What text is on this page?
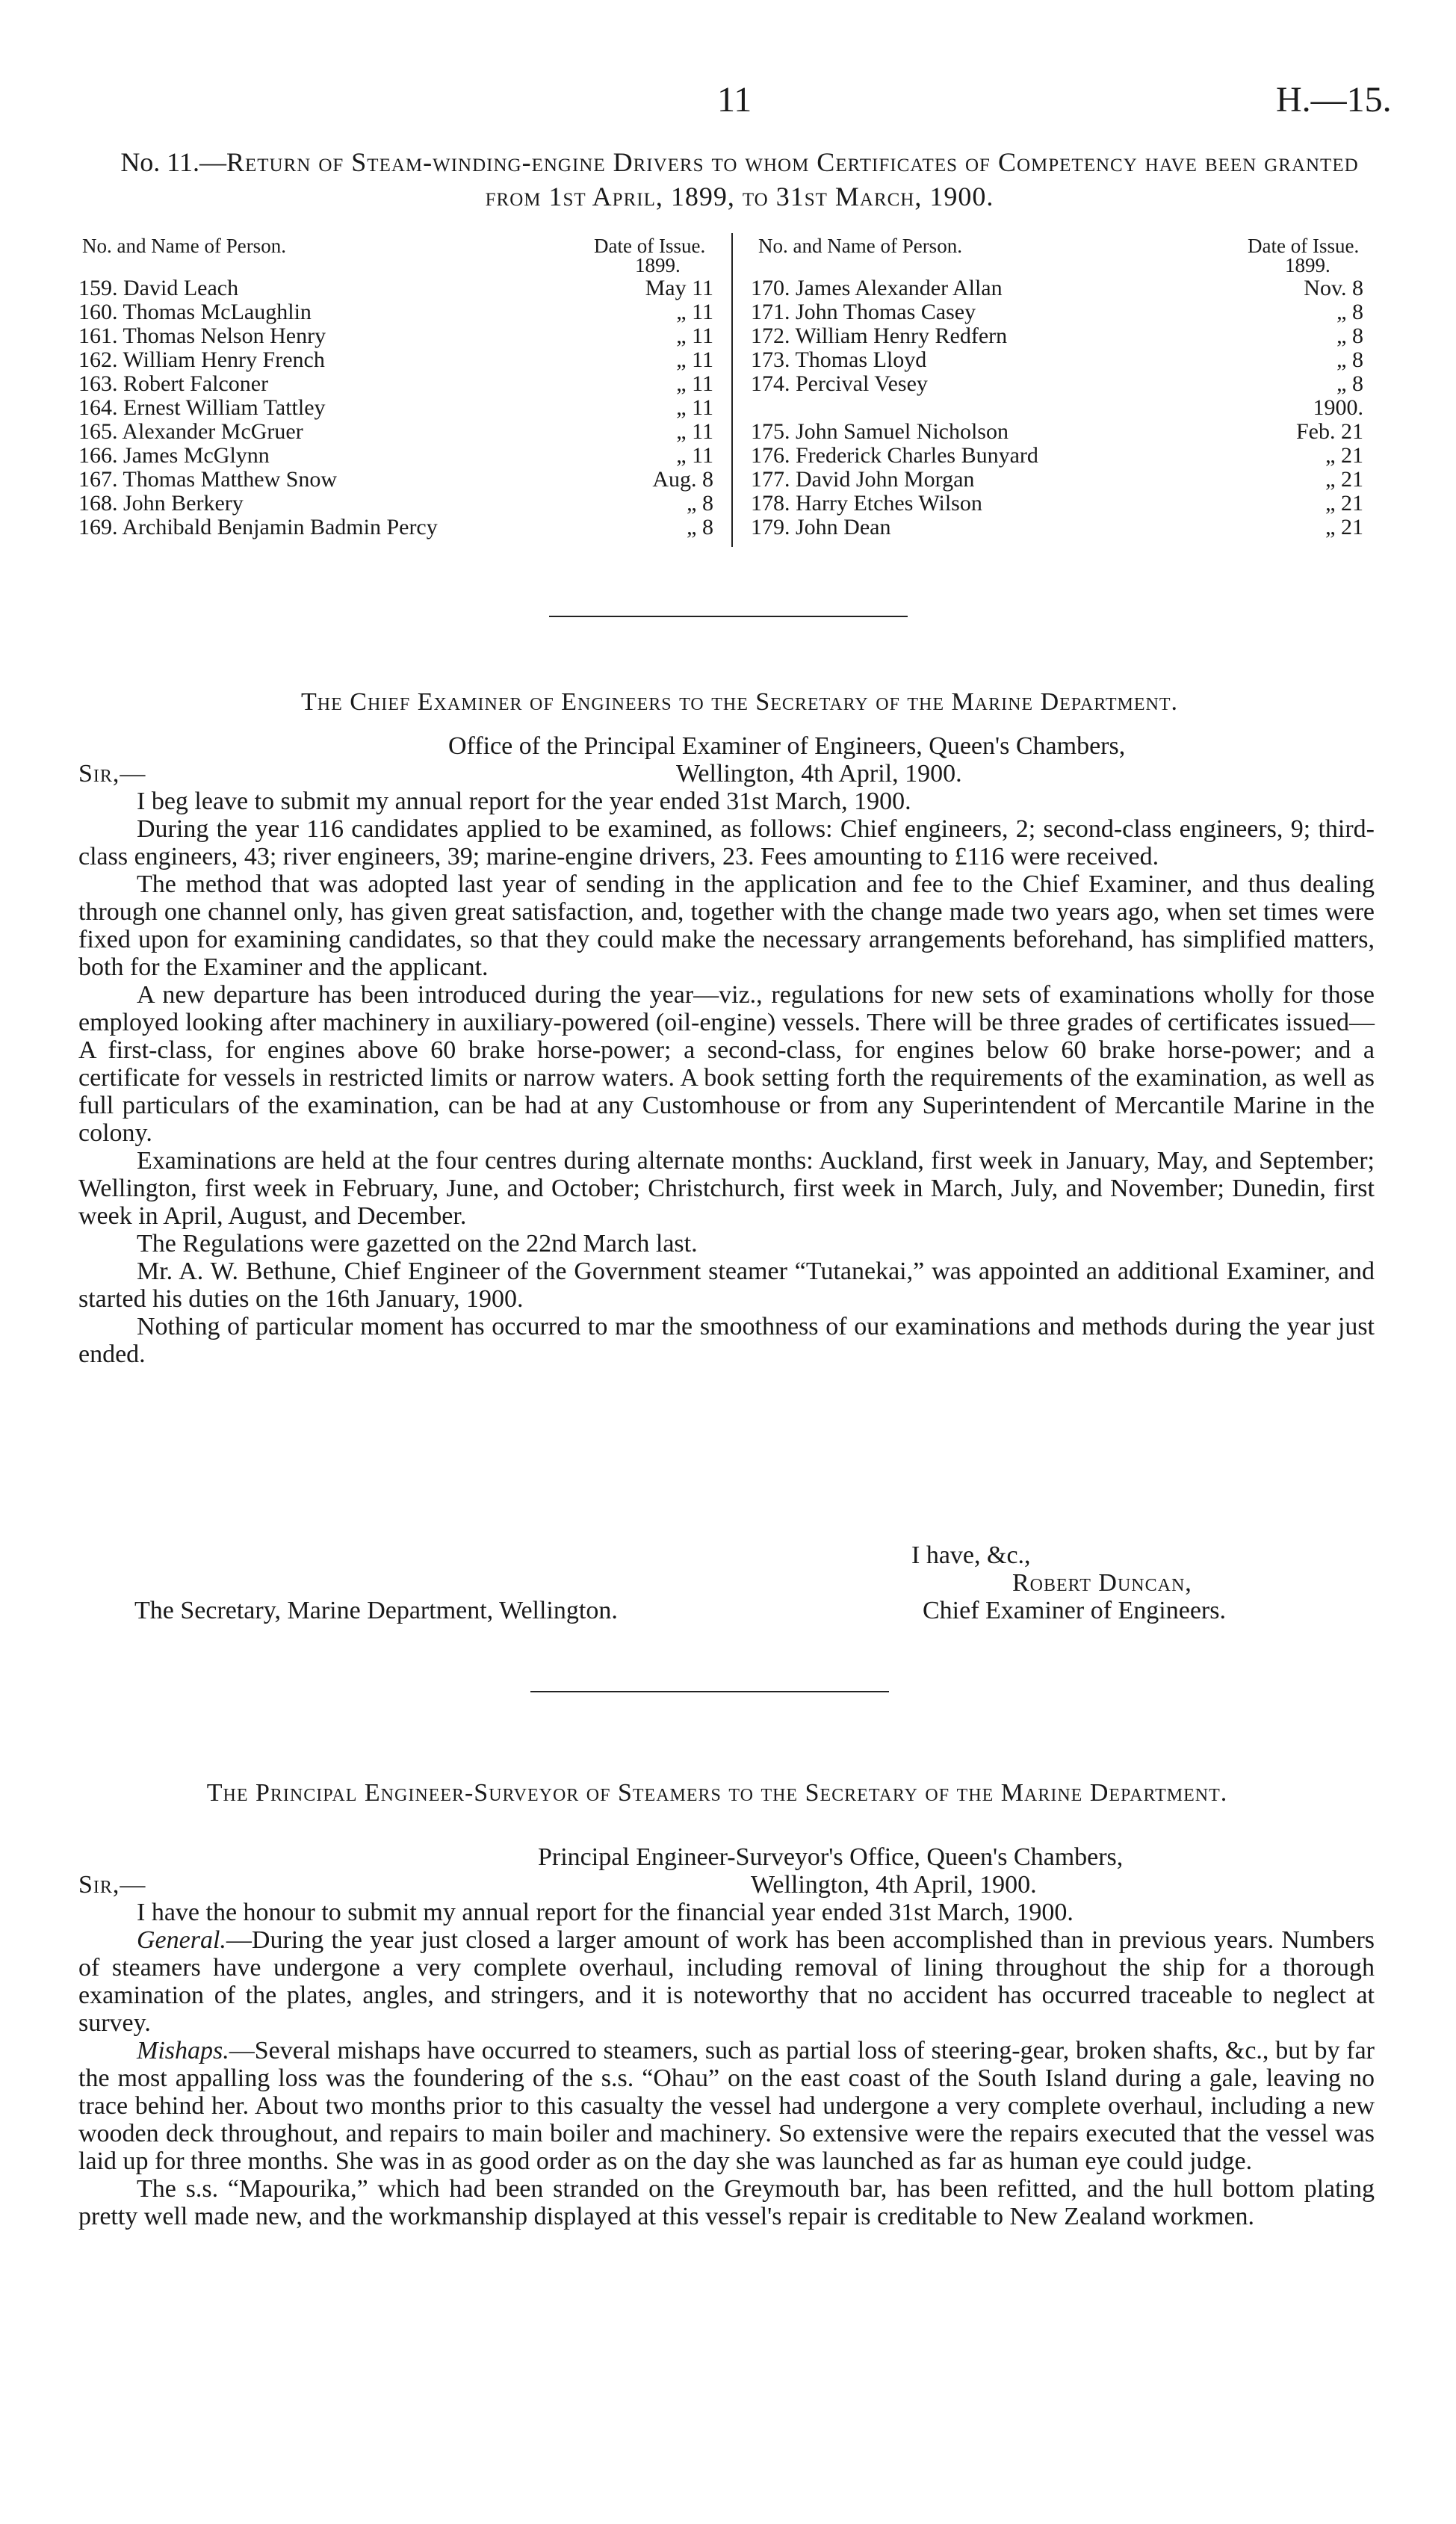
11	H.—15.
No. 11.—Return of Steam-winding-engine Drivers to whom Certificates of Competency have been granted from 1st April, 1899, to 31st March, 1900.
No. and Name of Person.	Date of Issue.
1899.
No. and Name of Person.	Date of Issue.
1899.
159. David Leach	May 11
160. Thomas McLaughlin	„ 11
161. Thomas Nelson Henry	„ 11
162. William Henry French	„ 11
163. Robert Falconer	„ 11
164. Ernest William Tattley	„ 11
165. Alexander McGruer	„ 11
166. James McGlynn	„ 11
167. Thomas Matthew Snow	Aug. 8
168. John Berkery	„ 8
169. Archibald Benjamin Badmin Percy	„ 8
170. James Alexander Allan	Nov. 8
171. John Thomas Casey	„ 8
172. William Henry Redfern	„ 8
173. Thomas Lloyd	„ 8
174. Percival Vesey	„ 8
1900.
175. John Samuel Nicholson	Feb. 21
176. Frederick Charles Bunyard	„ 21
177. David John Morgan	„ 21
178. Harry Etches Wilson	„ 21
179. John Dean	„ 21
The Chief Examiner of Engineers to the Secretary of the Marine Department.
Office of the Principal Examiner of Engineers, Queen's Chambers,
Sir,—	Wellington, 4th April, 1900.

I beg leave to submit my annual report for the year ended 31st March, 1900.

During the year 116 candidates applied to be examined, as follows: Chief engineers, 2; second-class engineers, 9; third-class engineers, 43; river engineers, 39; marine-engine drivers, 23. Fees amounting to £116 were received.

The method that was adopted last year of sending in the application and fee to the Chief Examiner, and thus dealing through one channel only, has given great satisfaction, and, together with the change made two years ago, when set times were fixed upon for examining candidates, so that they could make the necessary arrangements beforehand, has simplified matters, both for the Examiner and the applicant.

A new departure has been introduced during the year—viz., regulations for new sets of examinations wholly for those employed looking after machinery in auxiliary-powered (oil-engine) vessels. There will be three grades of certificates issued—A first-class, for engines above 60 brake horse-power; a second-class, for engines below 60 brake horse-power; and a certificate for vessels in restricted limits or narrow waters. A book setting forth the requirements of the examination, as well as full particulars of the examination, can be had at any Customhouse or from any Superintendent of Mercantile Marine in the colony.

Examinations are held at the four centres during alternate months: Auckland, first week in January, May, and September; Wellington, first week in February, June, and October; Christchurch, first week in March, July, and November; Dunedin, first week in April, August, and December.

The Regulations were gazetted on the 22nd March last.

Mr. A. W. Bethune, Chief Engineer of the Government steamer “Tutanekai,” was appointed an additional Examiner, and started his duties on the 16th January, 1900.

Nothing of particular moment has occurred to mar the smoothness of our examinations and methods during the year just ended.

I have, &c.,
Robert Duncan,
The Secretary, Marine Department, Wellington.	Chief Examiner of Engineers.
The Principal Engineer-Surveyor of Steamers to the Secretary of the Marine Department.
Principal Engineer-Surveyor's Office, Queen's Chambers,
Sir,—	Wellington, 4th April, 1900.

I have the honour to submit my annual report for the financial year ended 31st March, 1900.

General.—During the year just closed a larger amount of work has been accomplished than in previous years. Numbers of steamers have undergone a very complete overhaul, including removal of lining throughout the ship for a thorough examination of the plates, angles, and stringers, and it is noteworthy that no accident has occurred traceable to neglect at survey.

Mishaps.—Several mishaps have occurred to steamers, such as partial loss of steering-gear, broken shafts, &c., but by far the most appalling loss was the foundering of the s.s. “Ohau” on the east coast of the South Island during a gale, leaving no trace behind her. About two months prior to this casualty the vessel had undergone a very complete overhaul, including a new wooden deck throughout, and repairs to main boiler and machinery. So extensive were the repairs executed that the vessel was laid up for three months. She was in as good order as on the day she was launched as far as human eye could judge.

The s.s. “Mapourika,” which had been stranded on the Greymouth bar, has been refitted, and the hull bottom plating pretty well made new, and the workmanship displayed at this vessel's repair is creditable to New Zealand workmen.
